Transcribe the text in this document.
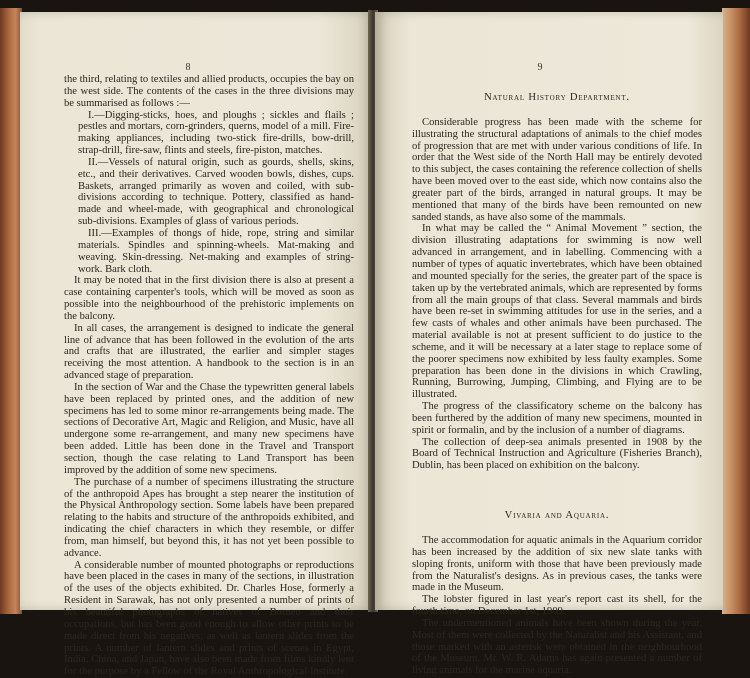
8

the third, relating to textiles and allied products, occupies the bay on the west side. The contents of the cases in the three divisions may be summarised as follows :—

I.—Digging-sticks, hoes, and ploughs ; sickles and flails ; pestles and mortars, corn-grinders, querns, model of a mill. Fire-making appliances, including two-stick fire-drills, bow-drill, strap-drill, fire-saw, flints and steels, fire-piston, matches.

II.—Vessels of natural origin, such as gourds, shells, skins, etc., and their derivatives. Carved wooden bowls, dishes, cups. Baskets, arranged primarily as woven and coiled, with sub-divisions according to technique. Pottery, classified as hand-made and wheel-made, with geographical and chronological sub-divisions. Examples of glass of various periods.

III.—Examples of thongs of hide, rope, string and similar materials. Spindles and spinning-wheels. Mat-making and weaving. Skin-dressing. Net-making and examples of string-work. Bark cloth.

It may be noted that in the first division there is also at present a case containing carpenter's tools, which will be moved as soon as possible into the neighbourhood of the prehistoric implements on the balcony.

In all cases, the arrangement is designed to indicate the general line of advance that has been followed in the evolution of the arts and crafts that are illustrated, the earlier and simpler stages receiving the most attention. A handbook to the section is in an advanced stage of preparation.

In the section of War and the Chase the typewritten general labels have been replaced by printed ones, and the addition of new specimens has led to some minor re-arrangements being made. The sections of Decorative Art, Magic and Religion, and Music, have all undergone some re-arrangement, and many new specimens have been added. Little has been done in the Travel and Transport section, though the case relating to Land Transport has been improved by the addition of some new specimens.

The purchase of a number of specimens illustrating the structure of the anthropoid Apes has brought a step nearer the institution of the Physical Anthropology section. Some labels have been prepared relating to the habits and structure of the anthropoids exhibited, and indicating the chief characters in which they resemble, or differ from, man himself, but beyond this, it has not yet been possible to advance.

A considerable number of mounted photographs or reproductions have been placed in the cases in many of the sections, in illustration of the uses of the objects exhibited. Dr. Charles Hose, formerly a Resident in Sarawak, has not only presented a number of prints of his beautiful photographs of natives of Borneo and their occupations, but has been good enough to allow other prints to be made direct from his negatives, as well as lantern slides from the prints. A number of lantern slides and prints of scenes in Egypt, India, China, and Japan, have also been made from films kindly lent for the purpose by a Fellow of the Royal Anthropological Institute.

9
Natural History Department.

Considerable progress has been made with the scheme for illustrating the structural adaptations of animals to the chief modes of progression that are met with under various conditions of life. In order that the West side of the North Hall may be entirely devoted to this subject, the cases containing the reference collection of shells have been moved over to the east side, which now contains also the greater part of the birds, arranged in natural groups. It may be mentioned that many of the birds have been remounted on new sanded stands, as have also some of the mammals.

In what may be called the “ Animal Movement ” section, the division illustrating adaptations for swimming is now well advanced in arrangement, and in labelling. Commencing with a number of types of aquatic invertebrates, which have been obtained and mounted specially for the series, the greater part of the space is taken up by the vertebrated animals, which are represented by forms from all the main groups of that class. Several mammals and birds have been re-set in swimming attitudes for use in the series, and a few casts of whales and other animals have been purchased. The material available is not at present sufficient to do justice to the scheme, and it will be necessary at a later stage to replace some of the poorer specimens now exhibited by less faulty examples. Some preparation has been done in the divisions in which Crawling, Running, Burrowing, Jumping, Climbing, and Flying are to be illustrated.

The progress of the classificatory scheme on the balcony has been furthered by the addition of many new specimens, mounted in spirit or formalin, and by the inclusion of a number of diagrams.

The collection of deep-sea animals presented in 1908 by the Board of Technical Instruction and Agriculture (Fisheries Branch), Dublin, has been placed on exhibition on the balcony.

Vivaria and Aquaria.

The accommodation for aquatic animals in the Aquarium corridor has been increased by the addition of six new slate tanks with sloping fronts, uniform with those that have been previously made from the Naturalist's designs. As in previous cases, the tanks were made in the Museum.

The lobster figured in last year's report cast its shell, for the fourth time, on December 1st, 1909.

The undermentioned animals have been shown during the year. Most of them were collected by the Naturalist and his Assistant, and those marked with an asterisk were obtained in the neighbourhood of the Museum. Mr. W. R. Adams has again presented a number of living animals for the marine aquaria.
